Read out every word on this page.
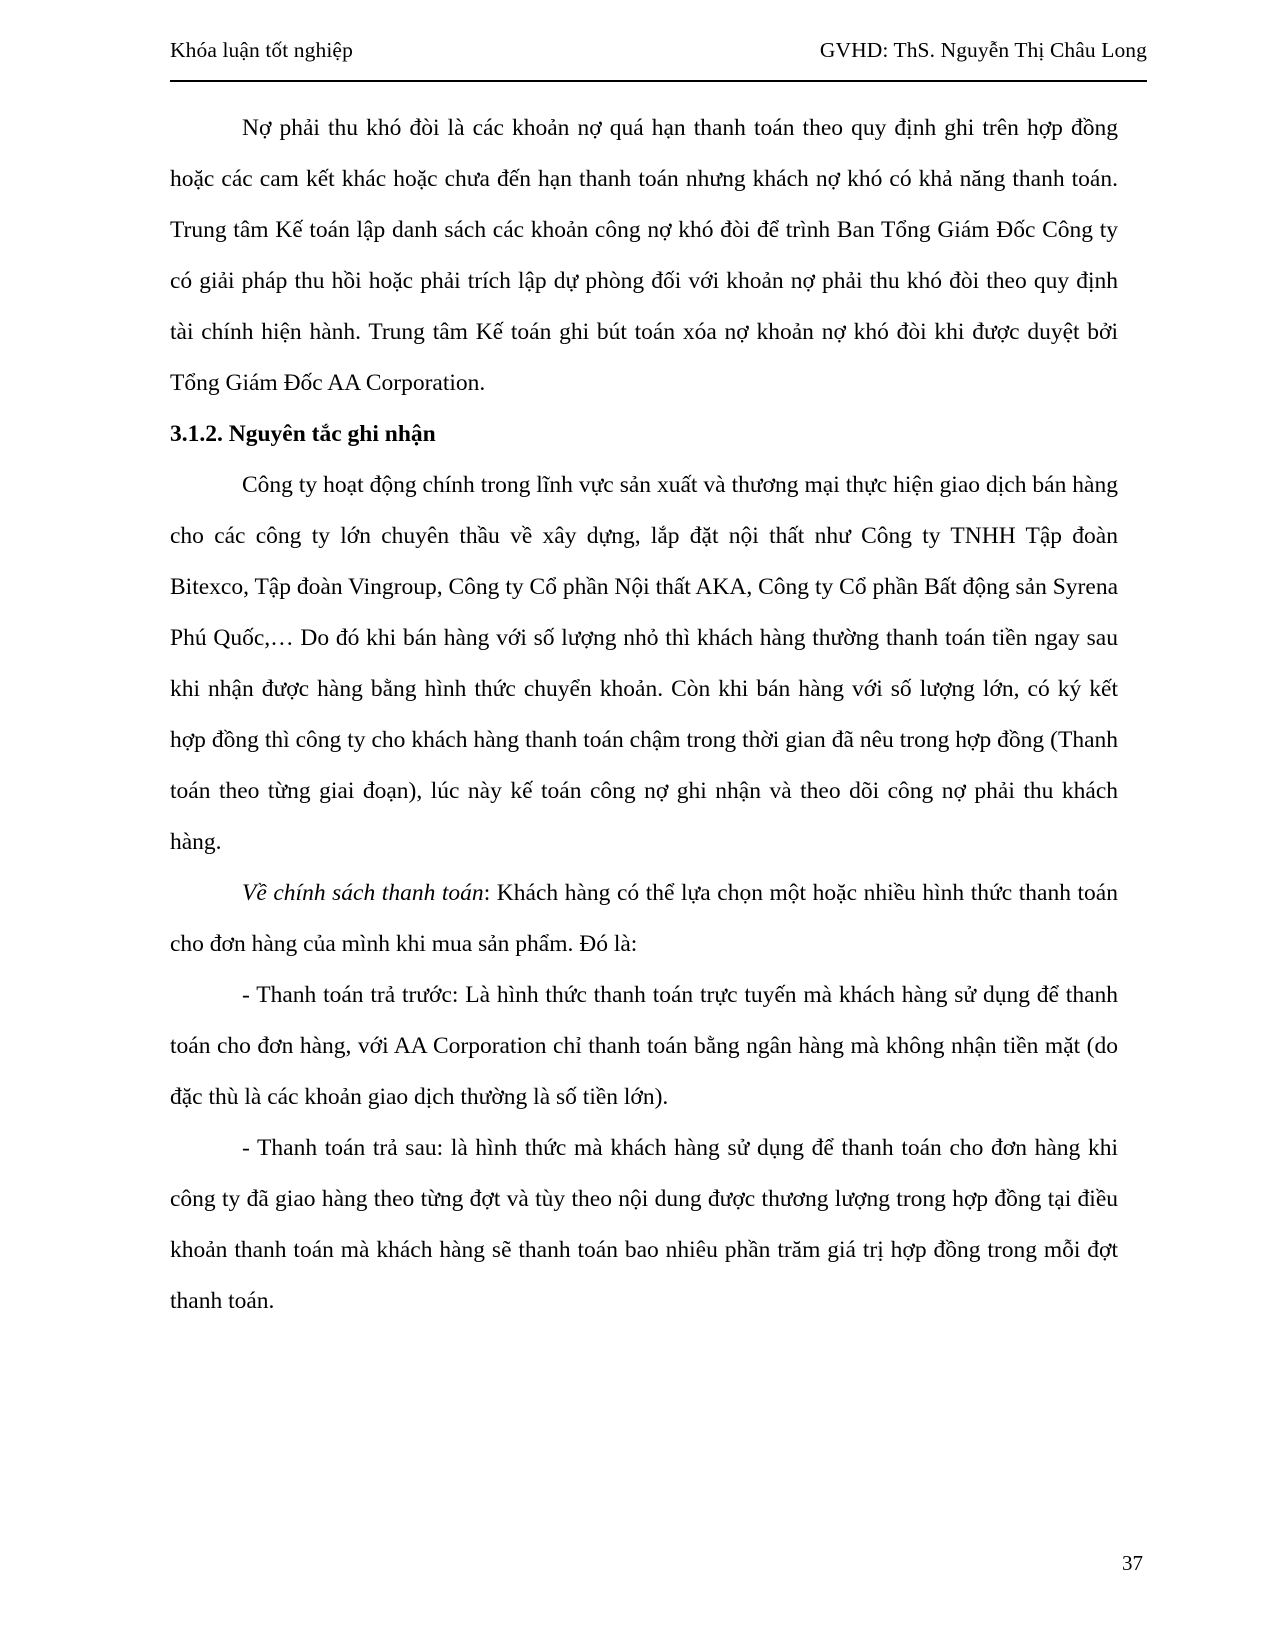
Khóa luận tốt nghiệp	GVHD: ThS. Nguyễn Thị Châu Long

Nợ phải thu khó đòi là các khoản nợ quá hạn thanh toán theo quy định ghi trên hợp đồng hoặc các cam kết khác hoặc chưa đến hạn thanh toán nhưng khách nợ khó có khả năng thanh toán. Trung tâm Kế toán lập danh sách các khoản công nợ khó đòi để trình Ban Tổng Giám Đốc Công ty có giải pháp thu hồi hoặc phải trích lập dự phòng đối với khoản nợ phải thu khó đòi theo quy định tài chính hiện hành. Trung tâm Kế toán ghi bút toán xóa nợ khoản nợ khó đòi khi được duyệt bởi Tổng Giám Đốc AA Corporation.

3.1.2. Nguyên tắc ghi nhận

Công ty hoạt động chính trong lĩnh vực sản xuất và thương mại thực hiện giao dịch bán hàng cho các công ty lớn chuyên thầu về xây dựng, lắp đặt nội thất như Công ty TNHH Tập đoàn Bitexco, Tập đoàn Vingroup, Công ty Cổ phần Nội thất AKA, Công ty Cổ phần Bất động sản Syrena Phú Quốc,… Do đó khi bán hàng với số lượng nhỏ thì khách hàng thường thanh toán tiền ngay sau khi nhận được hàng bằng hình thức chuyển khoản. Còn khi bán hàng với số lượng lớn, có ký kết hợp đồng thì công ty cho khách hàng thanh toán chậm trong thời gian đã nêu trong hợp đồng (Thanh toán theo từng giai đoạn), lúc này kế toán công nợ ghi nhận và theo dõi công nợ phải thu khách hàng.

Về chính sách thanh toán: Khách hàng có thể lựa chọn một hoặc nhiều hình thức thanh toán cho đơn hàng của mình khi mua sản phẩm. Đó là:

- Thanh toán trả trước: Là hình thức thanh toán trực tuyến mà khách hàng sử dụng để thanh toán cho đơn hàng, với AA Corporation chỉ thanh toán bằng ngân hàng mà không nhận tiền mặt (do đặc thù là các khoản giao dịch thường là số tiền lớn).

- Thanh toán trả sau: là hình thức mà khách hàng sử dụng để thanh toán cho đơn hàng khi công ty đã giao hàng theo từng đợt và tùy theo nội dung được thương lượng trong hợp đồng tại điều khoản thanh toán mà khách hàng sẽ thanh toán bao nhiêu phần trăm giá trị hợp đồng trong mỗi đợt thanh toán.

37
